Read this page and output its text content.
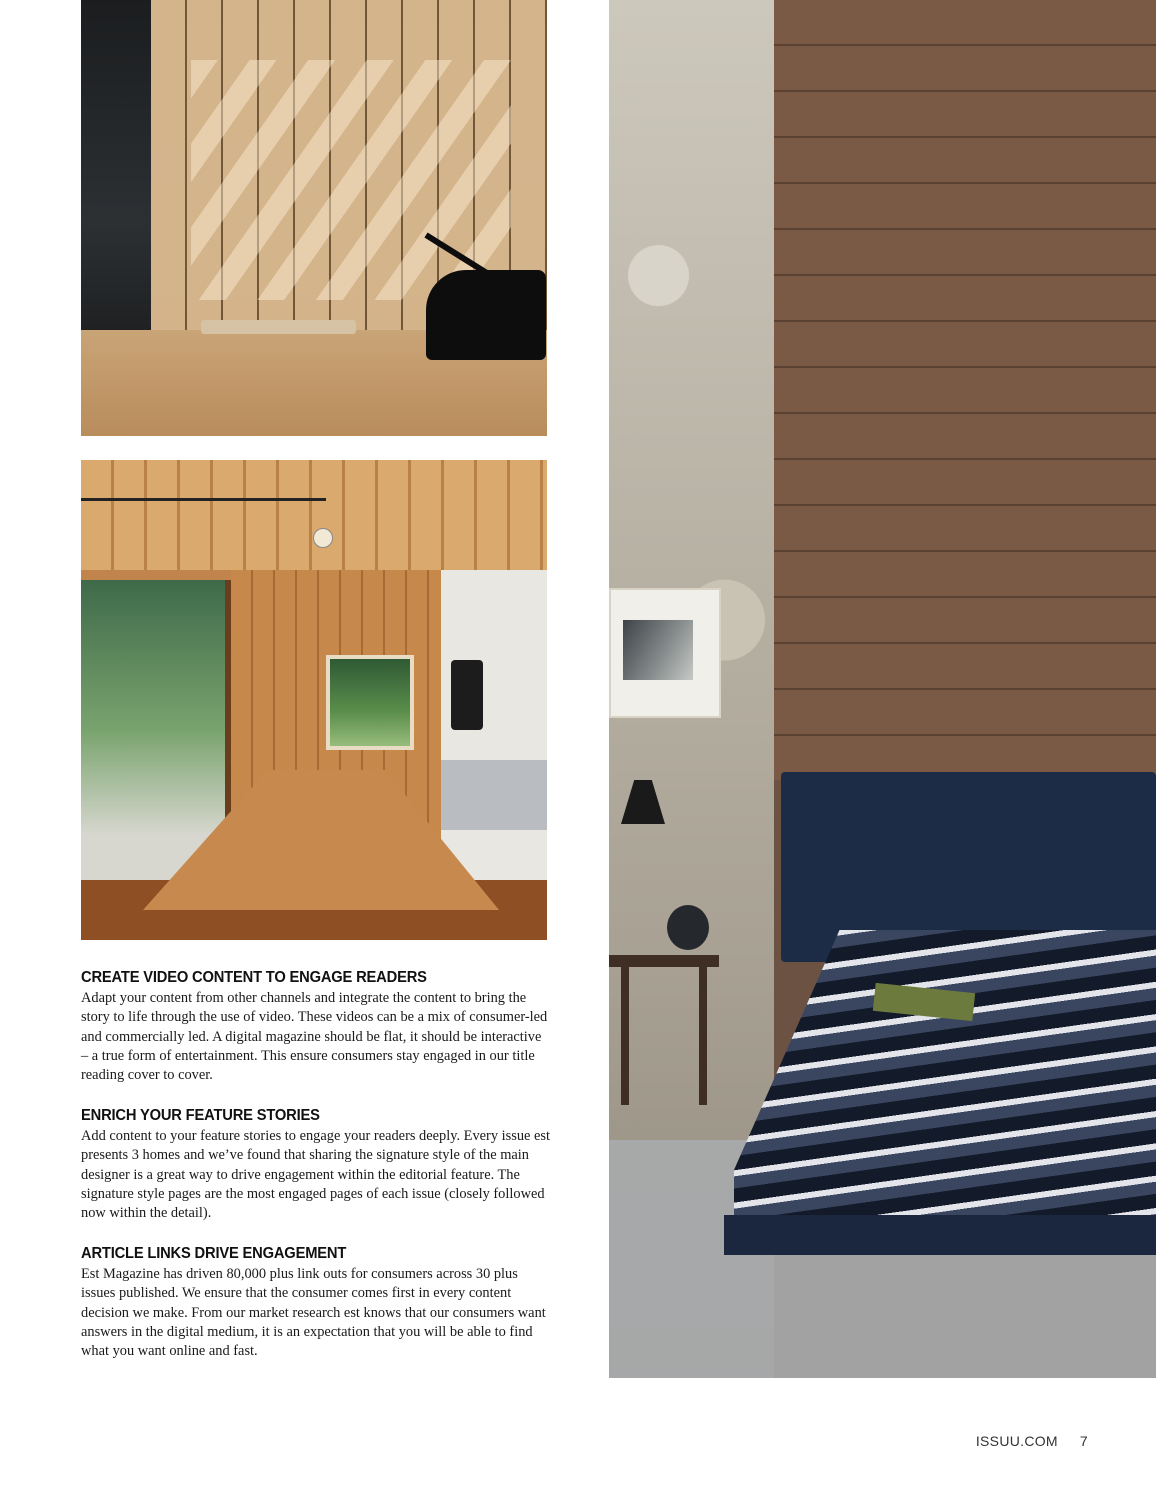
CREATE VIDEO CONTENT TO ENGAGE READERS

Adapt your content from other channels and integrate the content to bring the story to life through the use of video. These videos can be a mix of consumer-led and commercially led. A digital magazine should be flat, it should be interactive – a true form of entertainment. This ensure consumers stay engaged in our title reading cover to cover.

ENRICH YOUR FEATURE STORIES

Add content to your feature stories to engage your readers deeply. Every issue est presents 3 homes and we’ve found that sharing the signature style of the main designer is a great way to drive engagement within the editorial feature. The signature style pages are the most engaged pages of each issue (closely followed now within the detail).

ARTICLE LINKS DRIVE ENGAGEMENT

Est Magazine has driven 80,000 plus link outs for consumers across 30 plus issues published. We ensure that the consumer comes first in every content decision we make. From our market research est knows that our consumers want answers in the digital medium, it is an expectation that you will be able to find what you want online and fast.

ISSUU.COM 7
